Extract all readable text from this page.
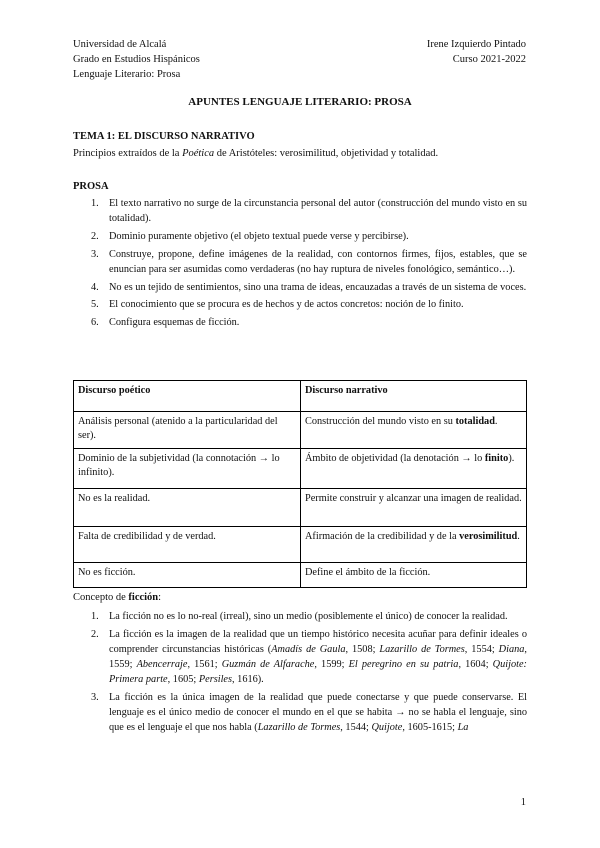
Universidad de Alcalá
Grado en Estudios Hispánicos
Lenguaje Literario: Prosa
Irene Izquierdo Pintado
Curso 2021-2022
APUNTES LENGUAJE LITERARIO: PROSA
TEMA 1: EL DISCURSO NARRATIVO
Principios extraídos de la Poética de Aristóteles: verosimilitud, objetividad y totalidad.
PROSA
1. El texto narrativo no surge de la circunstancia personal del autor (construcción del mundo visto en su totalidad).
2. Dominio puramente objetivo (el objeto textual puede verse y percibirse).
3. Construye, propone, define imágenes de la realidad, con contornos firmes, fijos, estables, que se enuncian para ser asumidas como verdaderas (no hay ruptura de niveles fonológico, semántico…).
4. No es un tejido de sentimientos, sino una trama de ideas, encauzadas a través de un sistema de voces.
5. El conocimiento que se procura es de hechos y de actos concretos: noción de lo finito.
6. Configura esquemas de ficción.
Discurso poético	Discurso narrativo
Análisis personal (atenido a la particularidad del ser).	Construcción del mundo visto en su totalidad.
Dominio de la subjetividad (la connotación → lo infinito).	Ámbito de objetividad (la denotación → lo finito).
No es la realidad.	Permite construir y alcanzar una imagen de realidad.
Falta de credibilidad y de verdad.	Afirmación de la credibilidad y de la verosimilitud.
No es ficción.	Define el ámbito de la ficción.
Concepto de ficción:
1. La ficción no es lo no-real (irreal), sino un medio (posiblemente el único) de conocer la realidad.
2. La ficción es la imagen de la realidad que un tiempo histórico necesita acuñar para definir ideales o comprender circunstancias históricas (Amadís de Gaula, 1508; Lazarillo de Tormes, 1554; Diana, 1559; Abencerraje, 1561; Guzmán de Alfarache, 1599; El peregrino en su patria, 1604; Quijote: Primera parte, 1605; Persiles, 1616).
3. La ficción es la única imagen de la realidad que puede conectarse y que puede conservarse. El lenguaje es el único medio de conocer el mundo en el que se habita → no se habla el lenguaje, sino que es el lenguaje el que nos habla (Lazarillo de Tormes, 1544; Quijote, 1605-1615; La
1
